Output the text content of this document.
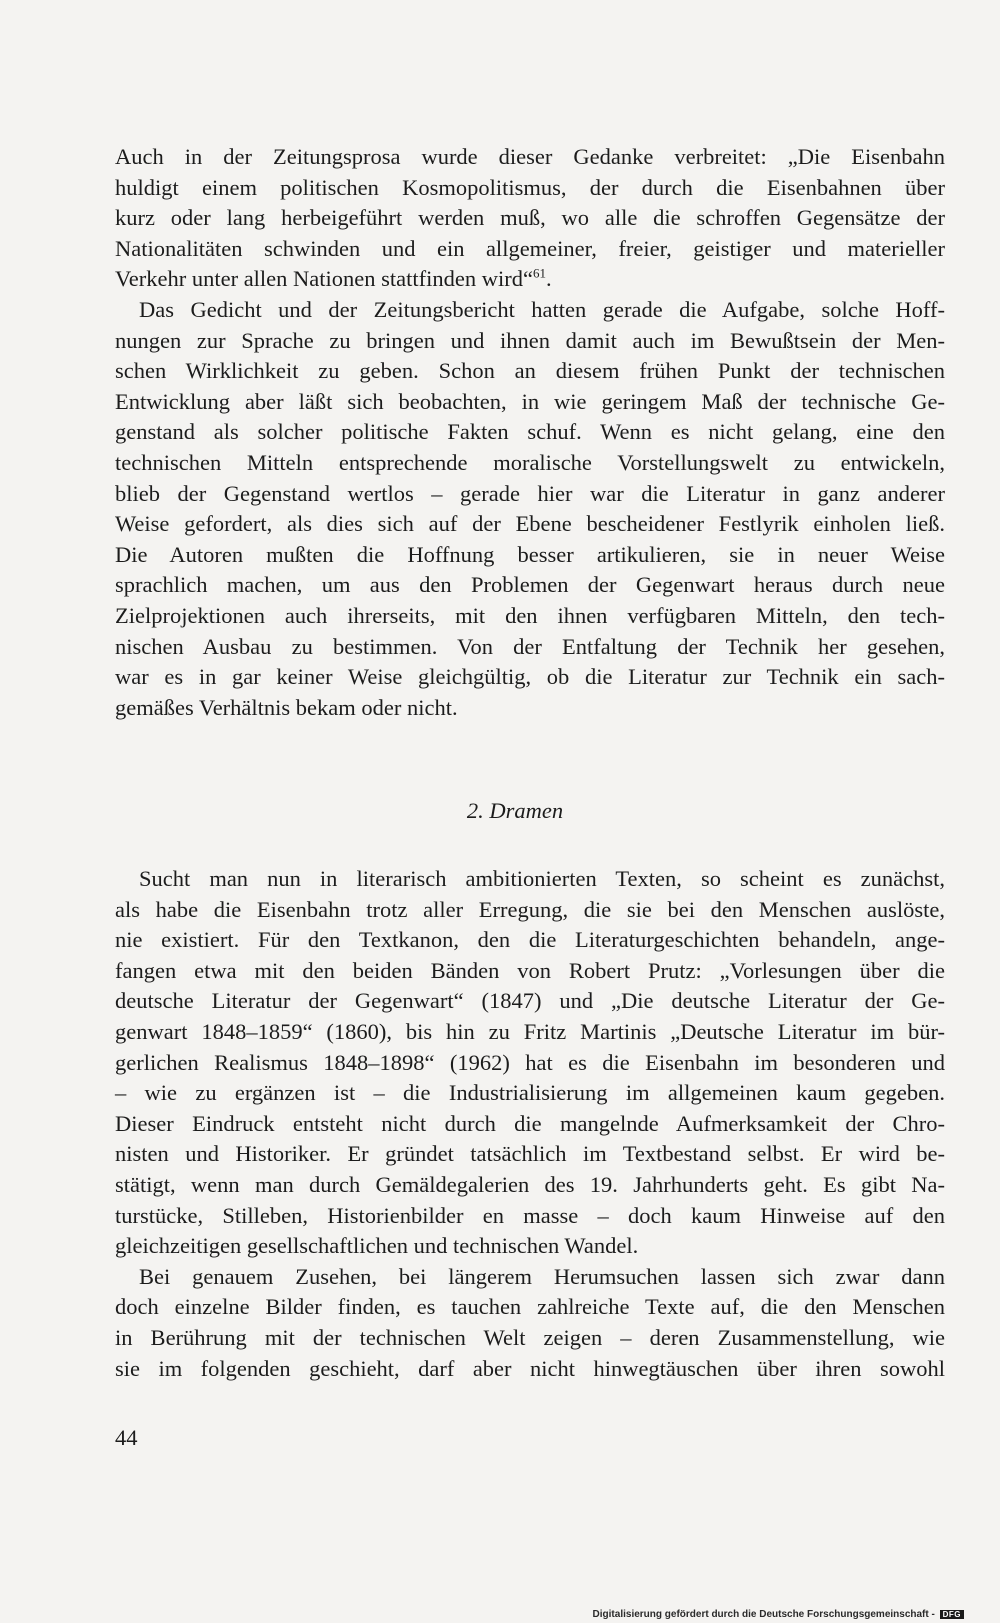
Auch in der Zeitungsprosa wurde dieser Gedanke verbreitet: „Die Eisenbahn
huldigt einem politischen Kosmopolitismus, der durch die Eisenbahnen über
kurz oder lang herbeigeführt werden muß, wo alle die schroffen Gegensätze der
Nationalitäten schwinden und ein allgemeiner, freier, geistiger und materieller
Verkehr unter allen Nationen stattfinden wird“$^{61}$.
Das Gedicht und der Zeitungsbericht hatten gerade die Aufgabe, solche Hoff-
nungen zur Sprache zu bringen und ihnen damit auch im Bewußtsein der Men-
schen Wirklichkeit zu geben. Schon an diesem frühen Punkt der technischen
Entwicklung aber läßt sich beobachten, in wie geringem Maß der technische Ge-
genstand als solcher politische Fakten schuf. Wenn es nicht gelang, eine den
technischen Mitteln entsprechende moralische Vorstellungswelt zu entwickeln,
blieb der Gegenstand wertlos – gerade hier war die Literatur in ganz anderer
Weise gefordert, als dies sich auf der Ebene bescheidener Festlyrik einholen ließ.
Die Autoren mußten die Hoffnung besser artikulieren, sie in neuer Weise
sprachlich machen, um aus den Problemen der Gegenwart heraus durch neue
Zielprojektionen auch ihrerseits, mit den ihnen verfügbaren Mitteln, den tech-
nischen Ausbau zu bestimmen. Von der Entfaltung der Technik her gesehen,
war es in gar keiner Weise gleichgültig, ob die Literatur zur Technik ein sach-
gemäßes Verhältnis bekam oder nicht.
2. Dramen
Sucht man nun in literarisch ambitionierten Texten, so scheint es zunächst,
als habe die Eisenbahn trotz aller Erregung, die sie bei den Menschen auslöste,
nie existiert. Für den Textkanon, den die Literaturgeschichten behandeln, ange-
fangen etwa mit den beiden Bänden von Robert Prutz: „Vorlesungen über die
deutsche Literatur der Gegenwart“ (1847) und „Die deutsche Literatur der Ge-
genwart 1848–1859“ (1860), bis hin zu Fritz Martinis „Deutsche Literatur im bür-
gerlichen Realismus 1848–1898“ (1962) hat es die Eisenbahn im besonderen und
– wie zu ergänzen ist – die Industrialisierung im allgemeinen kaum gegeben.
Dieser Eindruck entsteht nicht durch die mangelnde Aufmerksamkeit der Chro-
nisten und Historiker. Er gründet tatsächlich im Textbestand selbst. Er wird be-
stätigt, wenn man durch Gemäldegalerien des 19. Jahrhunderts geht. Es gibt Na-
turstücke, Stilleben, Historienbilder en masse – doch kaum Hinweise auf den
gleichzeitigen gesellschaftlichen und technischen Wandel.
Bei genauem Zusehen, bei längerem Herumsuchen lassen sich zwar dann
doch einzelne Bilder finden, es tauchen zahlreiche Texte auf, die den Menschen
in Berührung mit der technischen Welt zeigen – deren Zusammenstellung, wie
sie im folgenden geschieht, darf aber nicht hinwegtäuschen über ihren sowohl
44
Digitalisierung gefördert durch die Deutsche Forschungsgemeinschaft - DFG
